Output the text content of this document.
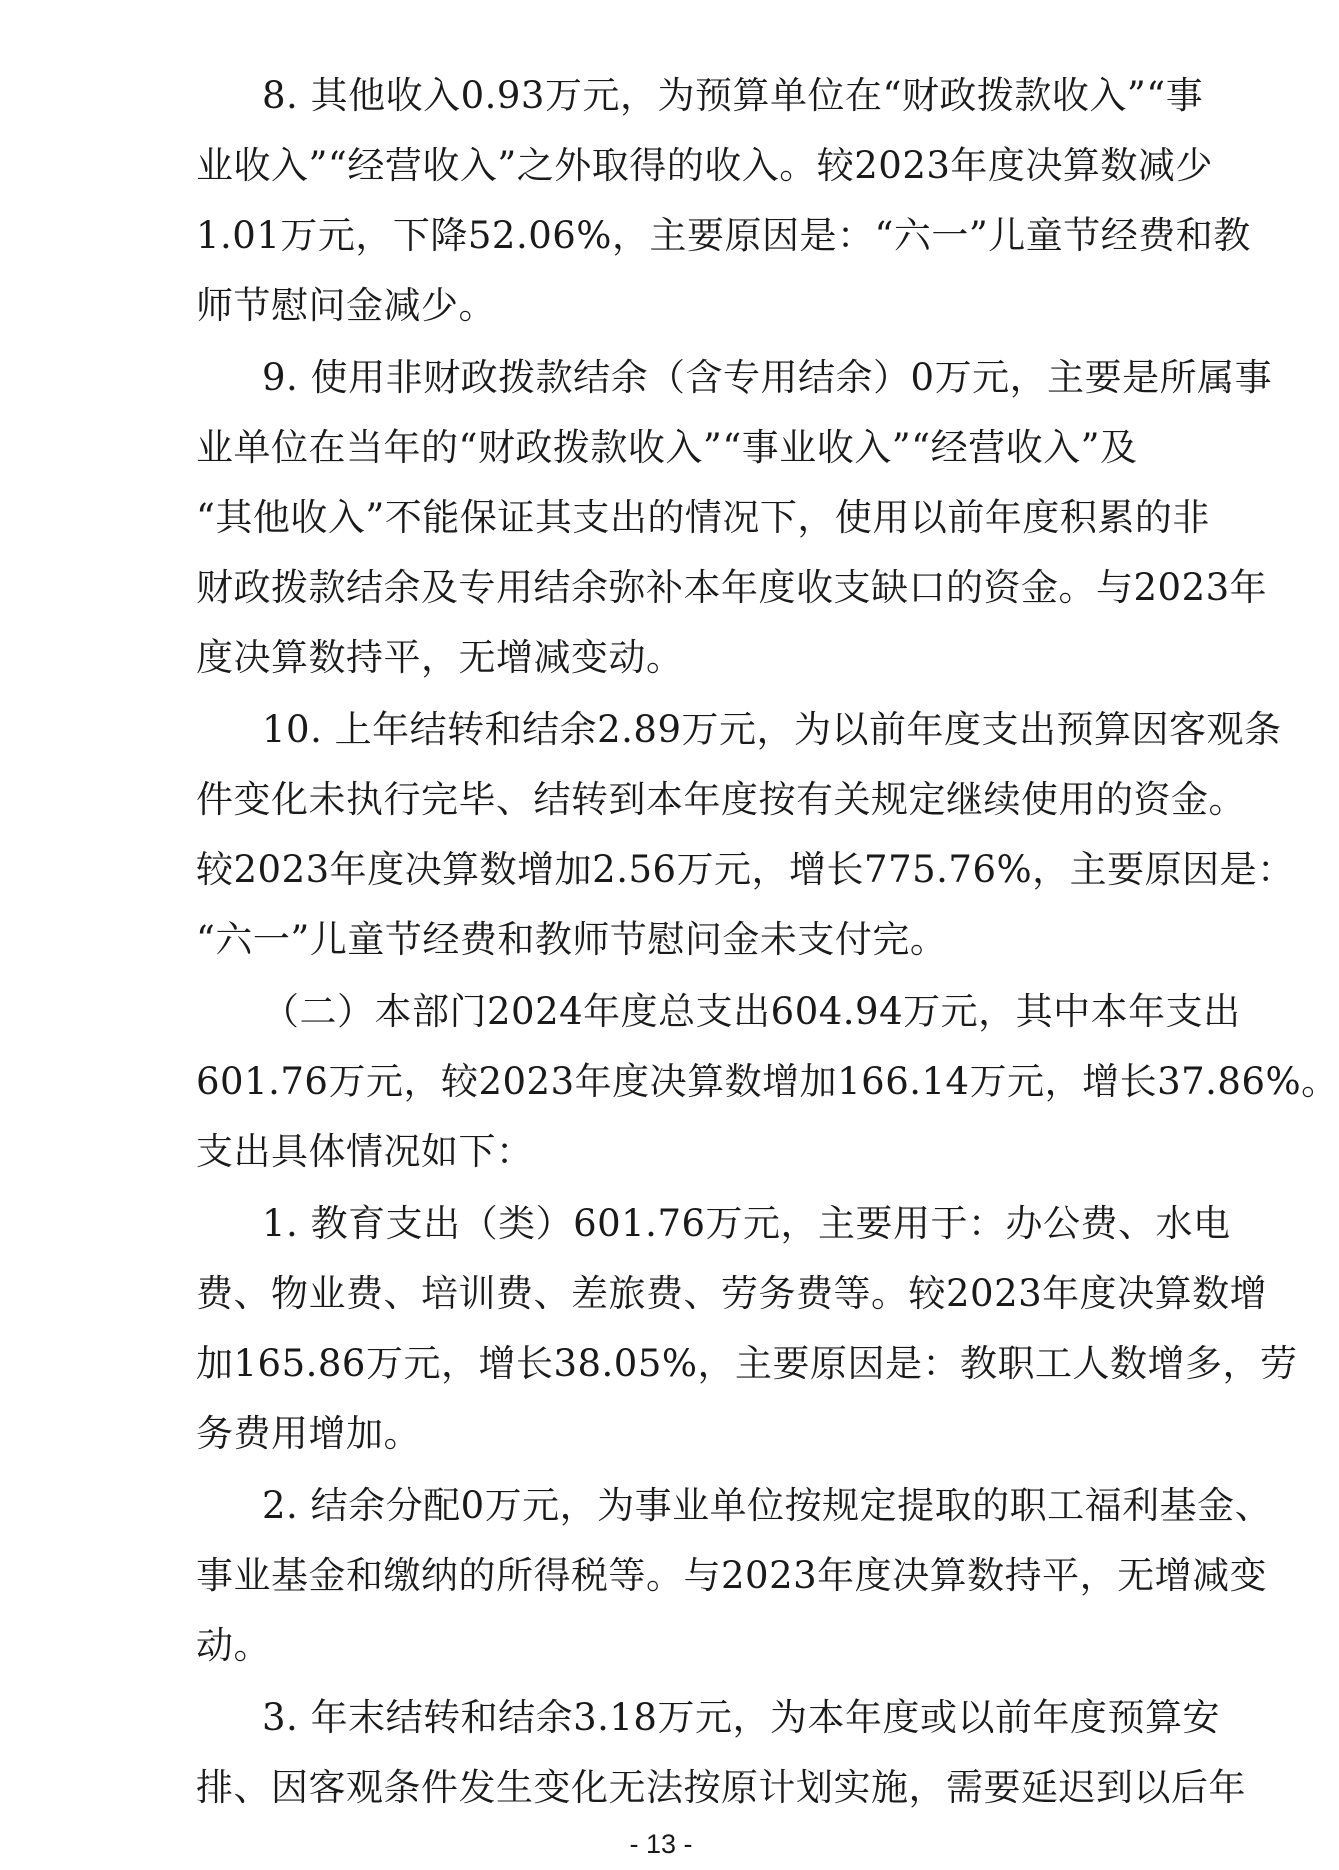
8. 其他收入0.93万元，为预算单位在“财政拨款收入”“事
业收入”“经营收入”之外取得的收入。较2023年度决算数减少
1.01万元，下降52.06%，主要原因是：“六一”儿童节经费和教
师节慰问金减少。
9. 使用非财政拨款结余（含专用结余）0万元，主要是所属事
业单位在当年的“财政拨款收入”“事业收入”“经营收入”及
“其他收入”不能保证其支出的情况下，使用以前年度积累的非
财政拨款结余及专用结余弥补本年度收支缺口的资金。与2023年
度决算数持平，无增减变动。
10. 上年结转和结余2.89万元，为以前年度支出预算因客观条
件变化未执行完毕、结转到本年度按有关规定继续使用的资金。
较2023年度决算数增加2.56万元，增长775.76%，主要原因是：
“六一”儿童节经费和教师节慰问金未支付完。
（二）本部门2024年度总支出604.94万元，其中本年支出
601.76万元，较2023年度决算数增加166.14万元，增长37.86%。
支出具体情况如下：
1. 教育支出（类）601.76万元，主要用于：办公费、水电
费、物业费、培训费、差旅费、劳务费等。较2023年度决算数增
加165.86万元，增长38.05%，主要原因是：教职工人数增多，劳
务费用增加。
2. 结余分配0万元，为事业单位按规定提取的职工福利基金、
事业基金和缴纳的所得税等。与2023年度决算数持平，无增减变
动。
3. 年末结转和结余3.18万元，为本年度或以前年度预算安
- 13 -
排、因客观条件发生变化无法按原计划实施，需要延迟到以后年
